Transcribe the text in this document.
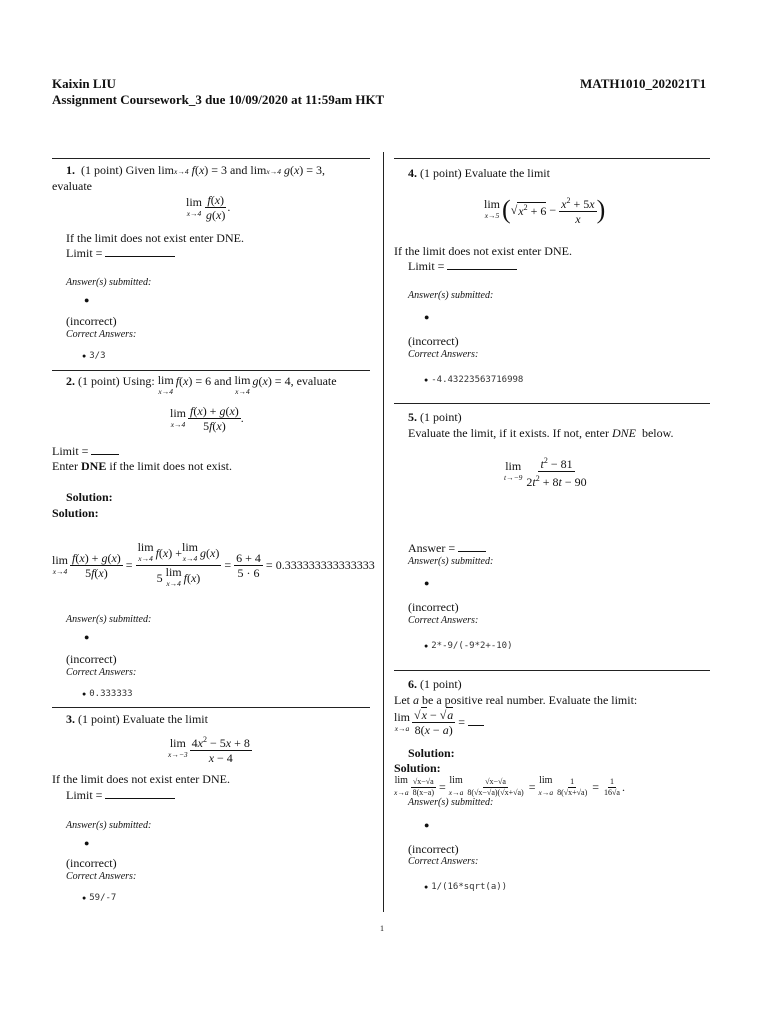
Kaixin LIU
Assignment Coursework_3 due 10/09/2020 at 11:59am HKT
MATH1010_202021T1
1. (1 point) Given limx→4 f(x) = 3 and limx→4 g(x) = 3,
evaluate
lim
$x\to 4 \frac{f(x)}{g(x)}$ .
If the limit does not exist enter DNE.
Limit =
Answer(s) submitted:
●
(incorrect)
Correct Answers:
● 3/3
2.
(1 point)
Using:
lim
x→4
f ( x ) = 6 and lim
x→4
g ( x ) = 4 , evaluate
lim
$x\to 4 \frac{f(x) + g(x)}{5f(x)}$ .
Limit =
Enter DNE if the limit does not exist.
Solution:
Solution:
lim
$x\to 4 \frac{f(x) + g(x)}{5f(x)} = \lim$
x→4 f ( x ) + lim
x→4 g ( x )
5 lim
x→4 f ( x ) = $\frac{6 + 4}{5 \cdot 6}$
= 0.333333333333333
Answer(s) submitted:
●
(incorrect)
Correct Answers:
● 0.333333
3. (1 point) Evaluate the limit
lim
$x\to-3 \frac{4x^2 - 5x + 8}{x - 4}$
If the limit does not exist enter DNE.
Limit =
Answer(s) submitted:
●
(incorrect)
Correct Answers:
● 59/-7
4. (1 point) Evaluate the limit
lim
x→5 ( √ $x^2 + 6 - \frac{x^2 + 5x}{x}$ )
If the limit does not exist enter DNE.
Limit =
Answer(s) submitted:
●
(incorrect)
Correct Answers:
● -4.43223563716998
5. (1 point)
Evaluate the limit, if it exists. If not, enter DNE below.
lim
$t\to-9 \frac{t^2 - 81}{2t^2 + 8t - 90}$
Answer =
Answer(s) submitted:
●
(incorrect)
Correct Answers:
● 2*-9/(-9*2+-10)
6. (1 point)
Let a be a positive real number. Evaluate the limit:
lim
$x\to a \frac{√x - √a}{8(x - a)}$ =
Solution:
Solution:
lim
$x\to a \frac{√x-√a}{8(x-a)} = \lim$
$x\to a \frac{√x-√a}{8(√x-√a)(√x+√a)} = \lim$
$x\to a \frac{1}{8(√x+√a)} = \frac{1}{16√a}$ .
Answer(s) submitted:
●
(incorrect)
Correct Answers:
● 1/(16*sqrt(a))
1
